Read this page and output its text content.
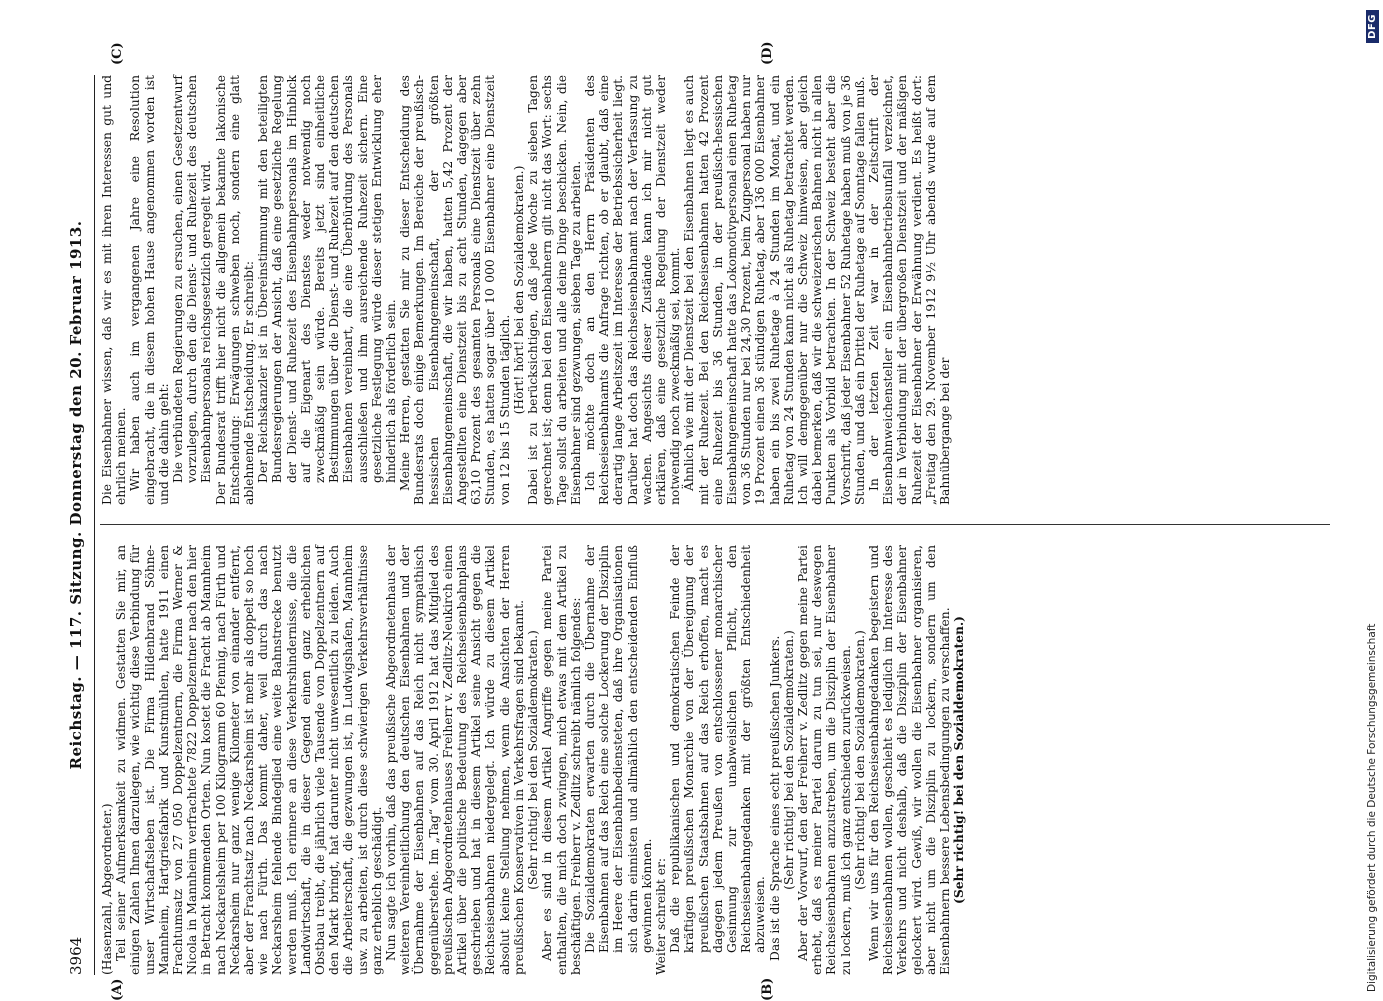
3964
Reichstag. — 117. Sitzung. Donnerstag den 20. Februar 1913.
(A)	(B)
(C)	(D)

(Hasenzahl, Abgeordneter.) Teil seiner Aufmerksamkeit zu widmen. Gestatten Sie mir, an einigen Zahlen Ihnen darzulegen, wie wichtig diese Verbindung für unser Wirtschaftsleben ist. Die Firma Hildenbrand Söhne-Mannheim, Hartgriesfabrik und Kunstmühlen, hatte 1911 einen Frachtumsatz von 27 050 Doppelzentnern, die Firma Werner & Nicola in Mannheim verfrachtete 7822 Doppelzentner nach den hier in Betracht kommenden Orten. Nun kostet die Fracht ab Mannheim nach Neckarelsheim per 100 Kilogramm 60 Pfennig, nach Fürth und Neckarsheim nur ganz wenige Kilometer von einander entfernt, aber der Frachtsatz nach Neckarsheim ist mehr als doppelt so hoch wie nach Fürth. Das kommt daher, weil durch das nach Neckarsheim fehlende Bindeglied eine weite Bahnstrecke benutzt werden muß. Ich erinnere an diese Verkehrshindernisse, die die Landwirtschaft, die in dieser Gegend einen ganz erheblichen Obstbau treibt, die jährlich viele Tausende von Doppelzentnern auf den Markt bringt, hat darunter nicht unwesentlich zu leiden. Auch die Arbeiterschaft, die gezwungen ist, in Ludwigshafen, Mannheim usw. zu arbeiten, ist durch diese schwierigen Verkehrsverhältnisse ganz erheblich geschädigt. Nun sagte ich vorhin, daß das preußische Abgeordnetenhaus der weiteren Vereinheitlichung den deutschen Eisenbahnen und der Übernahme der Eisenbahnen auf das Reich nicht sympathisch gegenüberstehe. Im „Tag“ vom 30. April 1912 hat das Mitglied des preußischen Abgeordnetenhauses Freiherr v. Zedlitz-Neukirch einen Artikel über die politische Bedeutung des Reichseisenbahnplans geschrieben und hat in diesem Artikel seine Ansicht gegen die Reichseisenbahnen niedergelegt. Ich würde zu diesem Artikel absolut keine Stellung nehmen, wenn die Ansichten der Herren preußischen Konservativen in Verkehrsfragen sind bekannt. (Sehr richtig! bei den Sozialdemokraten.) Aber es sind in diesem Artikel Angriffe gegen meine Partei enthalten, die mich doch zwingen, mich etwas mit dem Artikel zu beschäftigen. Freiherr v. Zedlitz schreibt nämlich folgendes: Die Sozialdemokraten erwarten durch die Übernahme der Eisenbahnen auf das Reich eine solche Lockerung der Disziplin im Heere der Eisenbahnbediensteten, daß ihre Organisationen sich darin einnisten und allmählich den entscheidenden Einfluß gewinnen können. Weiter schreibt er: Daß die republikanischen und demokratischen Feinde der kräftigen preußischen Monarchie von der Übereignung der preußischen Staatsbahnen auf das Reich erhoffen, macht es dagegen jedem Preußen von entschlossener monarchischer Gesinnung zur unabweislichen Pflicht, den Reichseisenbahngedanken mit der größten Entschiedenheit abzuweisen. Das ist die Sprache eines echt preußischen Junkers. (Sehr richtig! bei den Sozialdemokraten.) Aber der Vorwurf, den der Freiherr v. Zedlitz gegen meine Partei erhebt, daß es meiner Partei darum zu tun sei, nur deswegen Reichseisenbahnen anzustreben, um die Disziplin der Eisenbahner zu lockern, muß ich ganz entschieden zurückweisen. (Sehr richtig! bei den Sozialdemokraten.) Wenn wir uns für den Reichseisenbahngedanken begeistern und Reichseisenbahnen wollen, geschieht es lediglich im Interesse des Verkehrs und nicht deshalb, daß die Disziplin der Eisenbahner gelockert wird. Gewiß, wir wollen die Eisenbahner organisieren, aber nicht um die Disziplin zu lockern, sondern um den Eisenbahnern bessere Lebensbedingungen zu verschaffen. (Sehr richtig! bei den Sozialdemokraten.)

Die Eisenbahner wissen, daß wir es mit ihren Interessen gut und ehrlich meinen. Wir haben auch im vergangenen Jahre eine Resolution eingebracht, die in diesem hohen Hause angenommen worden ist und die dahin geht: Die verbündeten Regierungen zu ersuchen, einen Gesetzentwurf vorzulegen, durch den die Dienst- und Ruhezeit des deutschen Eisenbahnpersonals reichsgesetzlich geregelt wird. Der Bundesrat trifft hier nicht die allgemein bekannte lakonische Entscheidung: Erwägungen schweben noch, sondern eine glatt ablehnende Entscheidung. Er schreibt: Der Reichskanzler ist in Übereinstimmung mit den beteiligten Bundesregierungen der Ansicht, daß eine gesetzliche Regelung der Dienst- und Ruhezeit des Eisenbahnpersonals im Hinblick auf die Eigenart des Dienstes weder notwendig noch zweckmäßig sein würde. Bereits jetzt sind einheitliche Bestimmungen über die Dienst- und Ruhezeit auf den deutschen Eisenbahnen vereinbart, die eine Überbürdung des Personals ausschließen und ihm ausreichende Ruhezeit sichern. Eine gesetzliche Festlegung würde dieser stetigen Entwicklung eher hinderlich als förderlich sein. Meine Herren, gestatten Sie mir zu dieser Entscheidung des Bundesrats doch einige Bemerkungen. Im Bereiche der preußisch-hessischen Eisenbahngemeinschaft, der größten Eisenbahngemeinschaft, die wir haben, hatten 5,42 Prozent der Angestellten eine Dienstzeit bis zu acht Stunden, dagegen aber 63,10 Prozent des gesamten Personals eine Dienstzeit über zehn Stunden, es hatten sogar über 10 000 Eisenbahner eine Dienstzeit von 12 bis 15 Stunden täglich. (Hört! hört! bei den Sozialdemokraten.) Dabei ist zu berücksichtigen, daß jede Woche zu sieben Tagen gerechnet ist; denn bei den Eisenbahnern gilt nicht das Wort: sechs Tage sollst du arbeiten und alle deine Dinge beschicken. Nein, die Eisenbahner sind gezwungen, sieben Tage zu arbeiten. Ich möchte doch an den Herrn Präsidenten des Reichseisenbahnamts die Anfrage richten, ob er glaubt, daß eine derartig lange Arbeitszeit im Interesse der Betriebssicherheit liegt. Darüber hat doch das Reichseisenbahnamt nach der Verfassung zu wachen. Angesichts dieser Zustände kann ich mir nicht gut erklären, daß eine gesetzliche Regelung der Dienstzeit weder notwendig noch zweckmäßig sei, kommt. Ähnlich wie mit der Dienstzeit bei den Eisenbahnen liegt es auch mit der Ruhezeit. Bei den Reichseisenbahnen hatten 42 Prozent eine Ruhezeit bis 36 Stunden, in der preußisch-hessischen Eisenbahngemeinschaft hatte das Lokomotivpersonal einen Ruhetag von 36 Stunden nur bei 24,30 Prozent, beim Zugpersonal haben nur 19 Prozent einen 36 stündigen Ruhetag, aber 136 000 Eisenbahner haben ein bis zwei Ruhetage à 24 Stunden im Monat, und ein Ruhetag von 24 Stunden kann nicht als Ruhetag betrachtet werden. Ich will demgegenüber nur die Schweiz hinweisen, aber gleich dabei bemerken, daß wir die schweizerischen Bahnen nicht in allen Punkten als Vorbild betrachten. In der Schweiz besteht aber die Vorschrift, daß jeder Eisenbahner 52 Ruhetage haben muß von je 36 Stunden, und daß ein Drittel der Ruhetage auf Sonntage fallen muß. In der letzten Zeit war in der Zeitschrift der Eisenbahnweichensteller ein Eisenbahnbetriebsunfall verzeichnet, der in Verbindung mit der übergroßen Dienstzeit und der mäßigen Ruhezeit der Eisenbahner der Erwähnung verdient. Es heißt dort: „Freitag den 29. November 1912 9½ Uhr abends wurde auf dem Bahnübergange bei der

Digitalisierung gefördert durch die Deutsche Forschungsgemeinschaft
DFG
